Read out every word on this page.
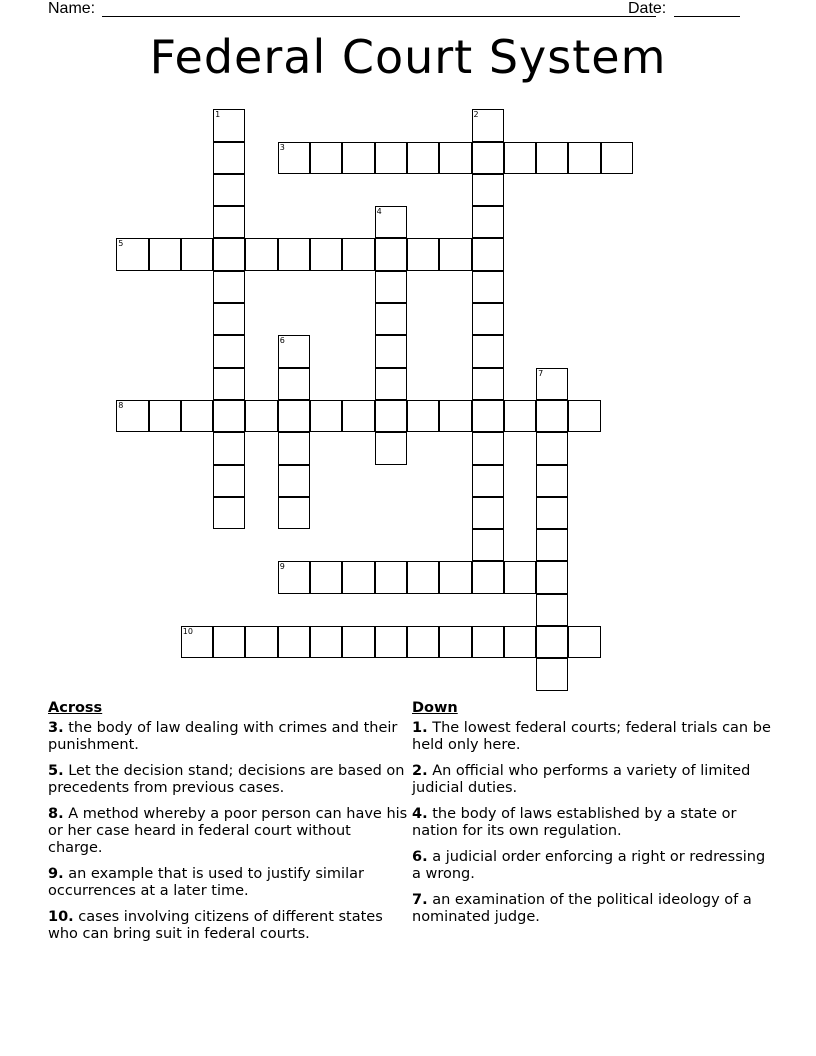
Name:	Date:
Federal Court System
1	2
3
4
5
6
7
8
9
10
Across
3. the body of law dealing with crimes and their punishment.
5. Let the decision stand; decisions are based on precedents from previous cases.
8. A method whereby a poor person can have his or her case heard in federal court without charge.
9. an example that is used to justify similar occurrences at a later time.
10. cases involving citizens of different states who can bring suit in federal courts.
Down
1. The lowest federal courts; federal trials can be held only here.
2. An official who performs a variety of limited judicial duties.
4. the body of laws established by a state or nation for its own regulation.
6. a judicial order enforcing a right or redressing a wrong.
7. an examination of the political ideology of a nominated judge.
